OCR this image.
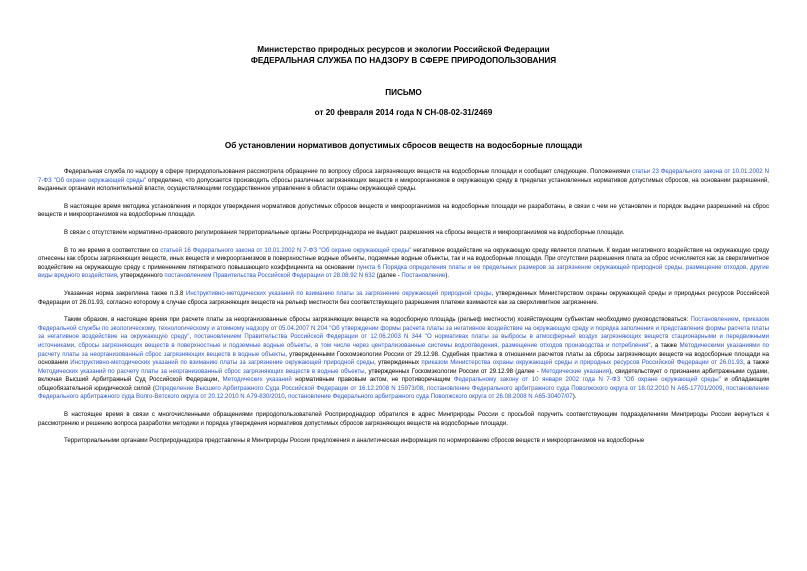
Министерство природных ресурсов и экологии Российской Федерации
ФЕДЕРАЛЬНАЯ СЛУЖБА ПО НАДЗОРУ В СФЕРЕ ПРИРОДОПОЛЬЗОВАНИЯ
ПИСЬМО
от 20 февраля 2014 года N СН-08-02-31/2469
Об установлении нормативов допустимых сбросов веществ на водосборные площади

Федеральная служба по надзору в сфере природопользования рассмотрела обращение по вопросу сброса загрязняющих веществ на водосборные площади и сообщает следующее. Положениями статьи 23 Федерального закона от 10.01.2002 N 7-ФЗ "Об охране окружающей среды" определено, что допускается производить сбросы различных загрязняющих веществ и микроорганизмов в окружающую среду в пределах установленных нормативов допустимых сбросов, на основании разрешений, выданных органами исполнительной власти, осуществляющими государственное управление в области охраны окружающей среды.

В настоящее время методика установления и порядок утверждения нормативов допустимых сбросов веществ и микроорганизмов на водосборные площади не разработаны, в связи с чем не установлен и порядок выдачи разрешений на сброс веществ и микроорганизмов на водосборные площади.

В связи с отсутствием нормативно-правового регулирования территориальные органы Росприроднадзора не выдают разрешения на сбросы веществ и микроорганизмов на водосборные площади.

В то же время в соответствии со статьей 16 Федерального закона от 10.01.2002 N 7-ФЗ "Об охране окружающей среды" негативное воздействие на окружающую среду является платным. К видам негативного воздействия на окружающую среду отнесены как сбросы загрязняющих веществ, иных веществ и микроорганизмов в поверхностные водные объекты, подземные водные объекты, так и на водосборные площади. При отсутствии разрешения плата за сброс исчисляется как за сверхлимитное воздействие на окружающую среду с применением пятикратного повышающего коэффициента на основании пункта 6 Порядка определения платы и ее предельных размеров за загрязнение окружающей природной среды, размещение отходов, другие виды вредного воздействия, утвержденного постановлением Правительства Российской Федерации от 28.08.92 N 632 (далее - Постановление).

Указанная норма закреплена также п.3.8 Инструктивно-методических указаний по взиманию платы за загрязнение окружающей природной среды, утвержденных Министерством охраны окружающей среды и природных ресурсов Российской Федерации от 26.01.93, согласно которому в случае сброса загрязняющих веществ на рельеф местности без соответствующего разрешения платежи взимаются как за сверхлимитное загрязнение.

Таким образом, в настоящее время при расчете платы за неорганизованные сбросы загрязняющих веществ на водосборную площадь (рельеф местности) хозяйствующим субъектам необходимо руководствоваться: Постановлением, приказом Федеральной службы по экологическому, технологическому и атомному надзору от 05.04.2007 N 204 "Об утверждении формы расчета платы за негативное воздействие на окружающую среду и порядка заполнения и представления формы расчета платы за негативное воздействие на окружающую среду", постановлением Правительства Российской Федерации от 12.06.2003 N 344 "О нормативах платы за выбросы в атмосферный воздух загрязняющих веществ стационарными и передвижными источниками, сбросы загрязняющих веществ в поверхностные и подземные водные объекты, в том числе через централизованные системы водоотведения, размещение отходов производства и потребления", а также Методическими указаниями по расчету платы за неорганизованный сброс загрязняющих веществ в водные объекты, утвержденными Госкомэкологии России от 29.12.98. Судебная практика в отношении расчетов платы за сбросы загрязняющих веществ на водосборные площади на основании Инструктивно-методических указаний по взиманию платы за загрязнение окружающей природной среды, утвержденных приказом Министерства охраны окружающей среды и природных ресурсов Российской Федерации от 26.01.93, а также Методических указаний по расчету платы за неорганизованный сброс загрязняющих веществ в водные объекты, утвержденных Госкомэкологии России от 29.12.98 (далее - Методические указания), свидетельствует о признании арбитражными судами, включая Высший Арбитражный Суд Российской Федерации, Методических указаний нормативным правовым актом, не противоречащим Федеральному закону от 10 января 2002 года N 7-ФЗ "Об охране окружающей среды" и обладающим общеобязательной юридической силой (Определение Высшего Арбитражного Суда Российской Федерации от 16.12.2008 N 15973/08, постановление Федерального арбитражного суда Поволжского округа от 18.02.2010 N А65-17701/2009, постановление Федерального арбитражного суда Волго-Вятского округа от 20.12.2010 N А79-830/2010, постановление Федерального арбитражного суда Поволжского округа от 26.08.2008 N А65-30407/07).

В настоящее время в связи с многочисленными обращениями природопользователей Росприроднадзор обратился в адрес Минприроды России с просьбой поручить соответствующим подразделениям Минприроды России вернуться к рассмотрению и решению вопроса разработки методики и порядка утверждения нормативов допустимых сбросов загрязняющих веществ на водосборные площади.

Территориальными органами Росприроднадзора представлены в Минприроды России предложения и аналитическая информация по нормированию сбросов веществ и микроорганизмов на водосборные
